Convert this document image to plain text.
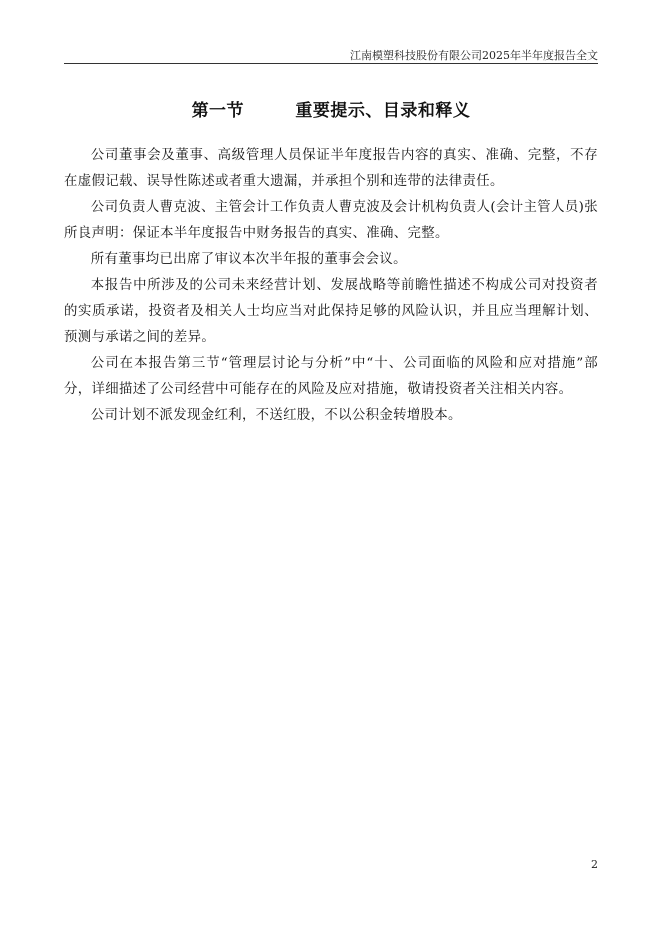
江南模塑科技股份有限公司2025年半年度报告全文
第一节        重要提示、目录和释义

公司董事会及董事、高级管理人员保证半年度报告内容的真实、准确、完整，不存在虚假记载、误导性陈述或者重大遗漏，并承担个别和连带的法律责任。

公司负责人曹克波、主管会计工作负责人曹克波及会计机构负责人(会计主管人员)张所良声明：保证本半年度报告中财务报告的真实、准确、完整。

所有董事均已出席了审议本次半年报的董事会会议。

本报告中所涉及的公司未来经营计划、发展战略等前瞻性描述不构成公司对投资者的实质承诺，投资者及相关人士均应当对此保持足够的风险认识，并且应当理解计划、预测与承诺之间的差异。

公司在本报告第三节“管理层讨论与分析”中“十、公司面临的风险和应对措施”部分，详细描述了公司经营中可能存在的风险及应对措施，敬请投资者关注相关内容。

公司计划不派发现金红利，不送红股，不以公积金转增股本。

2
